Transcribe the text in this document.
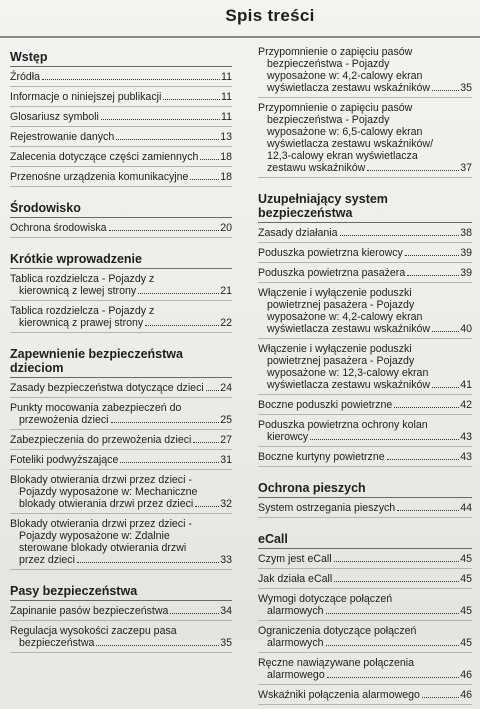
Spis treści
Wstęp
Źródła	11
Informacje o niniejszej publikacji	11
Glosariusz symboli	11
Rejestrowanie danych	13
Zalecenia dotyczące części zamiennych 18
Przenośne urządzenia komunikacyjne	18
Środowisko
Ochrona środowiska	20
Krótkie wprowadzenie
Tablica rozdzielcza - Pojazdy z
kierownicą z lewej strony	21
Tablica rozdzielcza - Pojazdy z
kierownicą z prawej strony	22
Zapewnienie bezpieczeństwa dzieciom
Zasady bezpieczeństwa dotyczące dzieci 24
Punkty mocowania zabezpieczeń do
przewożenia dzieci	25
Zabezpieczenia do przewożenia dzieci	27
Foteliki podwyższające	31
Blokady otwierania drzwi przez dzieci -
Pojazdy wyposażone w: Mechaniczne
blokady otwierania drzwi przez dzieci	32
Blokady otwierania drzwi przez dzieci -
Pojazdy wyposażone w: Zdalnie
sterowane blokady otwierania drzwi
przez dzieci	33
Pasy bezpieczeństwa
Zapinanie pasów bezpieczeństwa	34
Regulacja wysokości zaczepu pasa
bezpieczeństwa	35
Przypomnienie o zapięciu pasów
bezpieczeństwa - Pojazdy
wyposażone w: 4,2-calowy ekran
wyświetlacza zestawu wskaźników	35
Przypomnienie o zapięciu pasów
bezpieczeństwa - Pojazdy
wyposażone w: 6,5-calowy ekran
wyświetlacza zestawu wskaźników/
12,3-calowy ekran wyświetlacza
zestawu wskaźników	37
Uzupełniający system bezpieczeństwa
Zasady działania	38
Poduszka powietrzna kierowcy	39
Poduszka powietrzna pasażera	39
Włączenie i wyłączenie poduszki
powietrznej pasażera - Pojazdy
wyposażone w: 4,2-calowy ekran
wyświetlacza zestawu wskaźników	40
Włączenie i wyłączenie poduszki
powietrznej pasażera - Pojazdy
wyposażone w: 12,3-calowy ekran
wyświetlacza zestawu wskaźników	41
Boczne poduszki powietrzne	42
Poduszka powietrzna ochrony kolan
kierowcy	43
Boczne kurtyny powietrzne	43
Ochrona pieszych
System ostrzegania pieszych	44
eCall
Czym jest eCall	45
Jak działa eCall	45
Wymogi dotyczące połączeń
alarmowych	45
Ograniczenia dotyczące połączeń
alarmowych	45
Ręczne nawiązywane połączenia
alarmowego	46
Wskaźniki połączenia alarmowego	46
